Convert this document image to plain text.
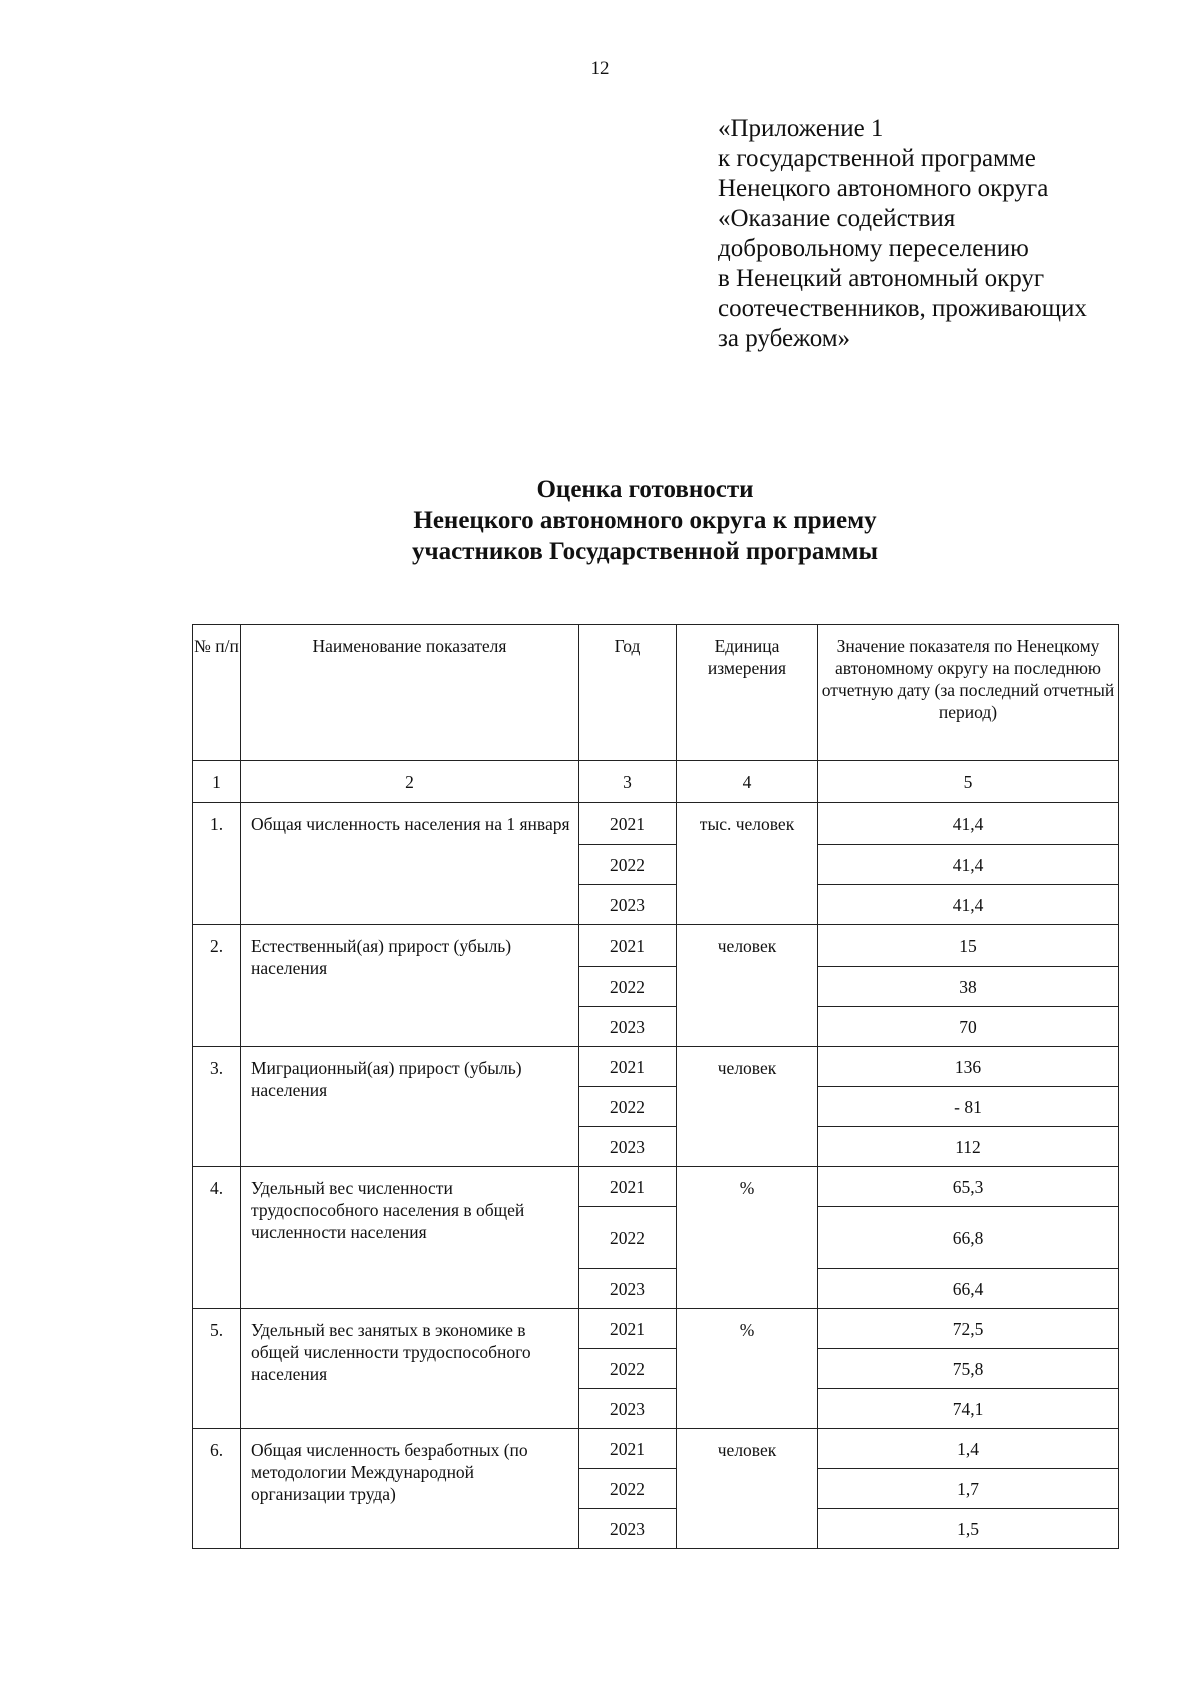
12
«Приложение 1
к государственной программе
Ненецкого автономного округа
«Оказание содействия
добровольному переселению
в Ненецкий автономный округ
соотечественников, проживающих
за рубежом»
Оценка готовности
Ненецкого автономного округа к приему
участников Государственной программы
№ п/п	Наименование показателя	Год	Единица измерения	Значение показателя по Ненецкому автономному округу на последнюю отчетную дату (за последний отчетный период)
1	2	3	4	5
1.	Общая численность населения на 1 января	2021	тыс. человек	41,4
		2022		41,4
		2023		41,4
2.	Естественный(ая) прирост (убыль) населения	2021	человек	15
		2022		38
		2023		70
3.	Миграционный(ая) прирост (убыль) населения	2021	человек	136
		2022		- 81
		2023		112
4.	Удельный вес численности трудоспособного населения в общей численности населения	2021	%	65,3
		2022		66,8
		2023		66,4
5.	Удельный вес занятых в экономике в общей численности трудоспособного населения	2021	%	72,5
		2022		75,8
		2023		74,1
6.	Общая численность безработных (по методологии Международной организации труда)	2021	человек	1,4
		2022		1,7
		2023		1,5
